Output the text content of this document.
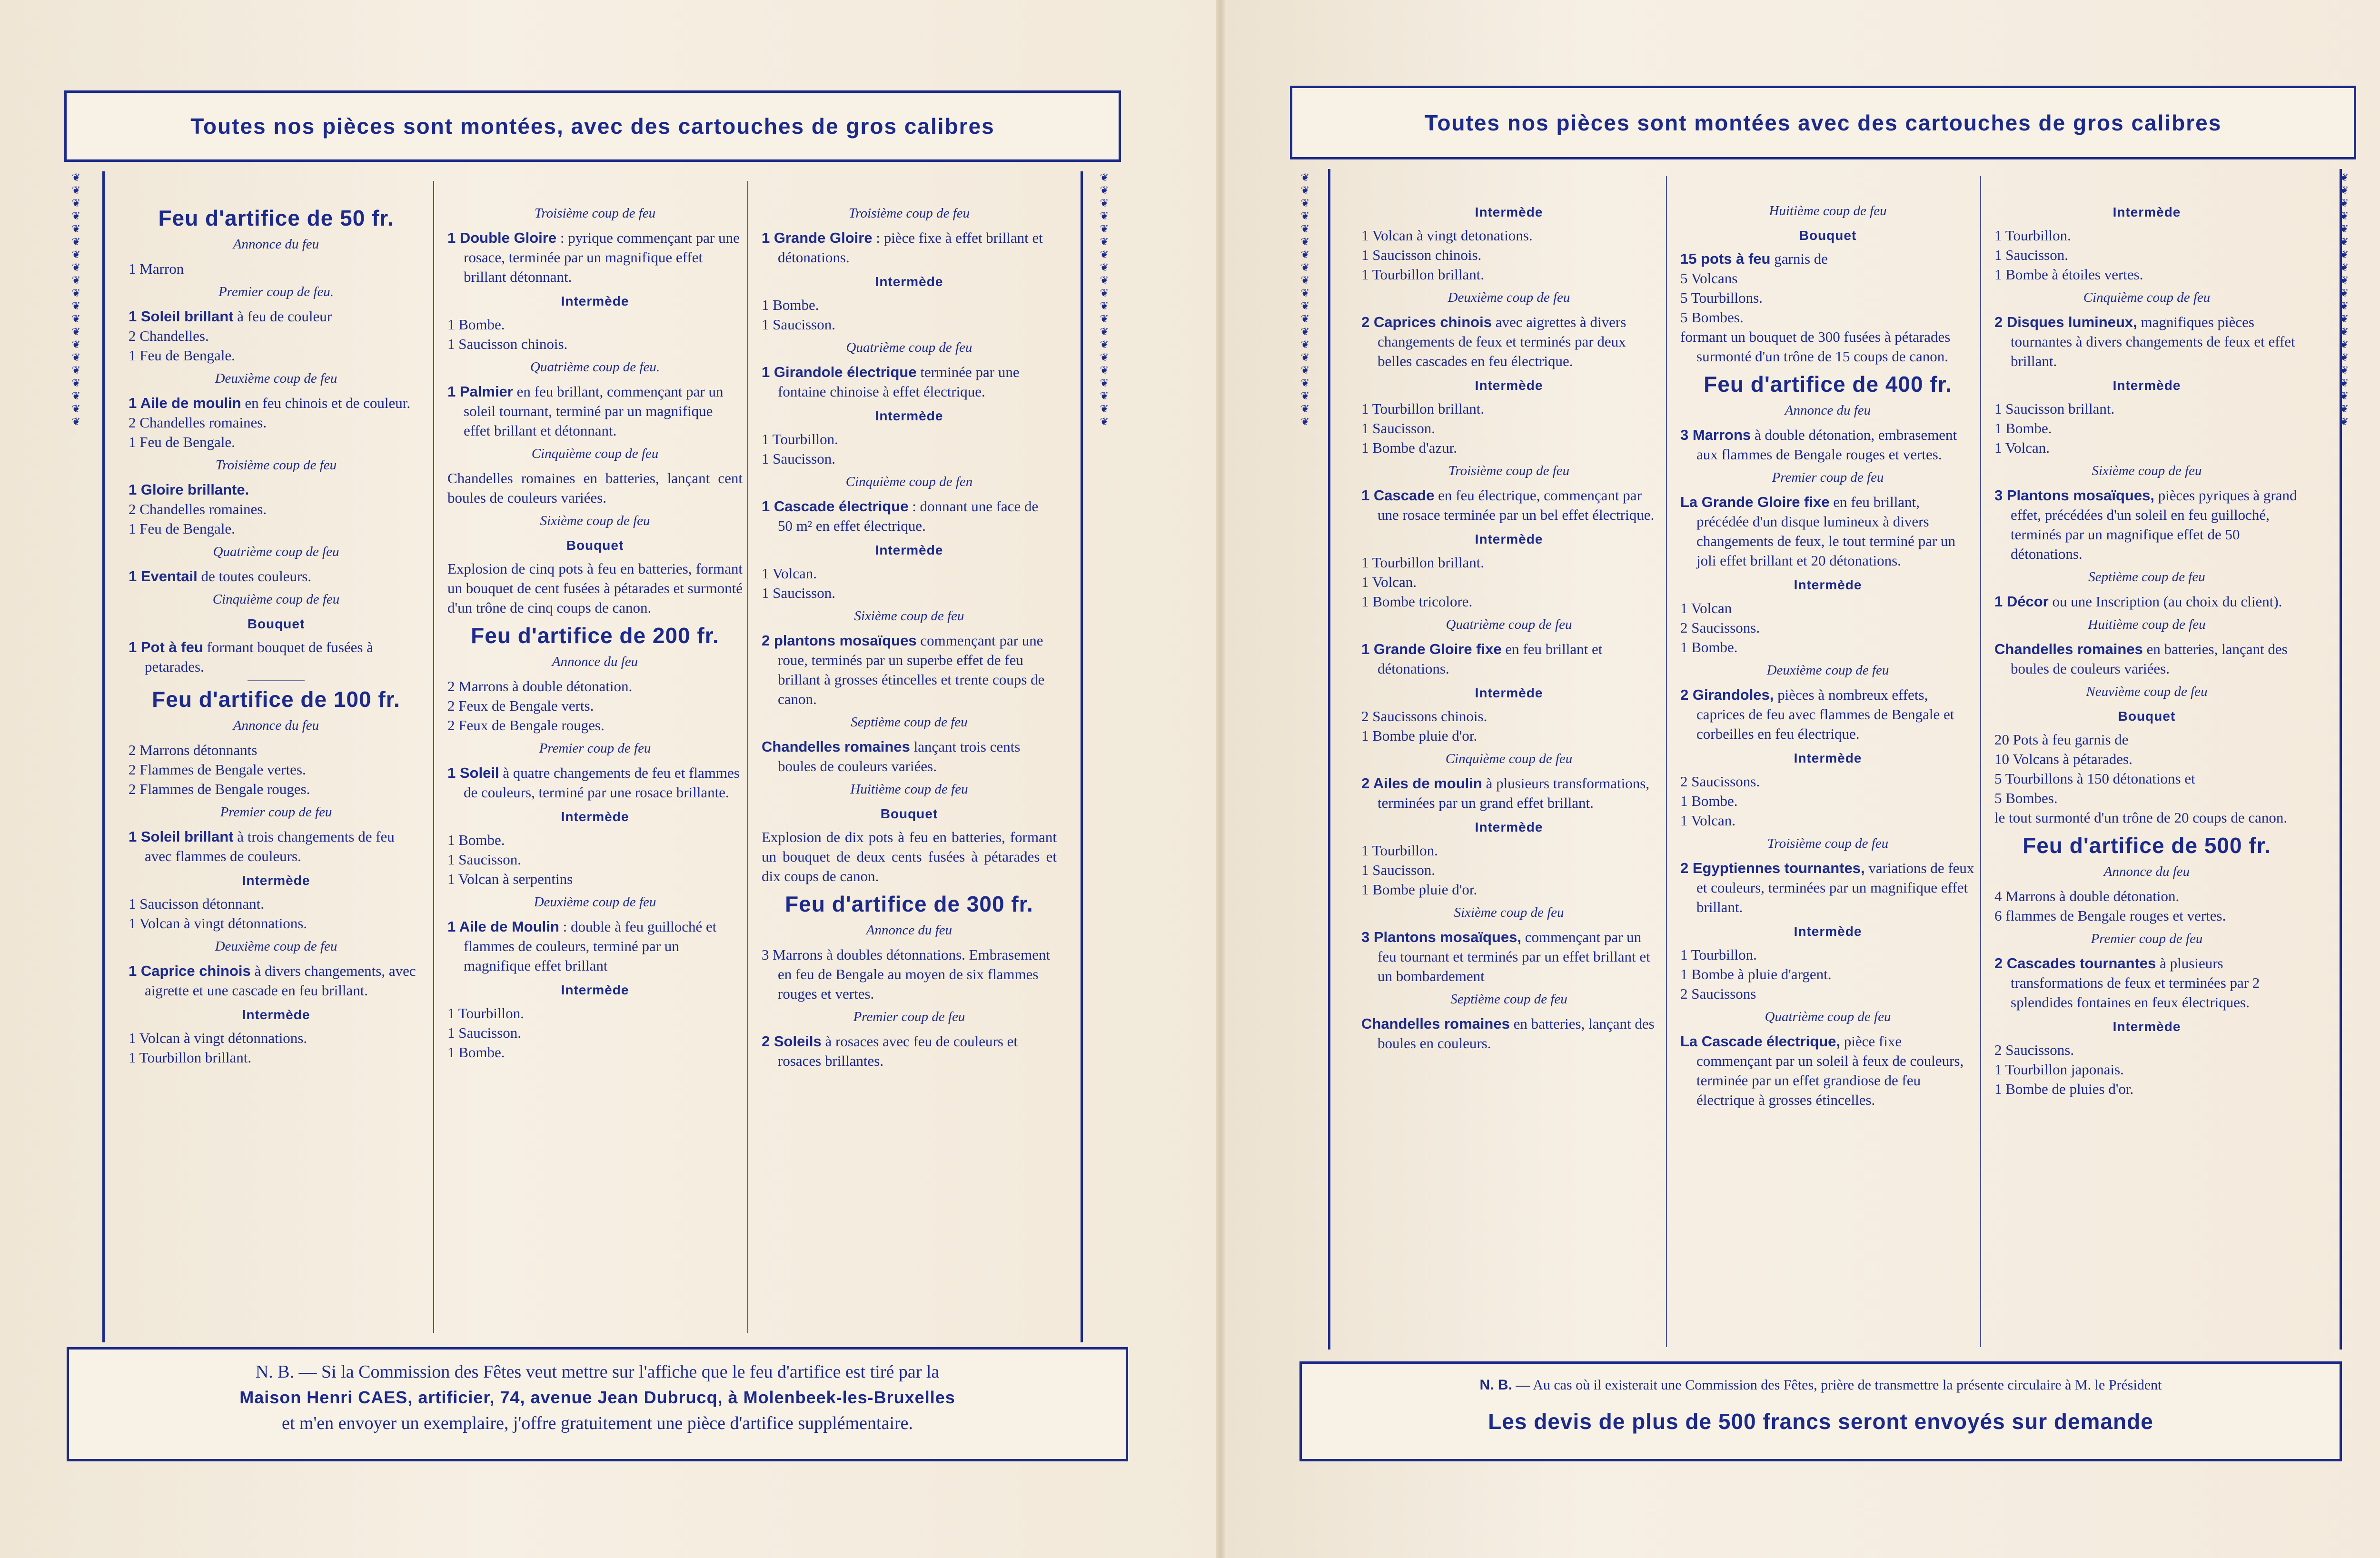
Toutes nos pièces sont montées, avec des cartouches de gros calibres	Toutes nos pièces sont montées avec des cartouches de gros calibres
❦
❦
❦
❦
❦
❦
❦
❦
❦
❦
❦
❦
❦
❦
❦
❦
❦
❦
❦
❦
❦
❦
❦
❦
❦
❦
❦
❦
❦
❦
❦
❦
❦
❦
❦
❦
❦
❦
❦
❦
❦
❦
❦
❦
❦
❦
❦
❦
❦
❦
❦
❦
❦
❦
❦
❦
❦
❦
❦
❦
❦
❦
❦
❦
❦
❦
❦
❦
❦
❦
❦
❦
❦
❦
❦
❦
❦
❦
❦
❦
Feu d'artifice de 50 fr.
Annonce du feu
1 Marron
Premier coup de feu.
1 Soleil brillant à feu de couleur
2 Chandelles.
1 Feu de Bengale.
Deuxième coup de feu
1 Aile de moulin en feu chinois et de couleur.
2 Chandelles romaines.
1 Feu de Bengale.
Troisième coup de feu
1 Gloire brillante.
2 Chandelles romaines.
1 Feu de Bengale.
Quatrième coup de feu
1 Eventail de toutes couleurs.
Cinquième coup de feu
Bouquet
1 Pot à feu formant bouquet de fusées à petarades.
Feu d'artifice de 100 fr.
Annonce du feu
2 Marrons détonnants
2 Flammes de Bengale vertes.
2 Flammes de Bengale rouges.
Premier coup de feu
1 Soleil brillant à trois changements de feu avec flammes de couleurs.
Intermède
1 Saucisson détonnant.
1 Volcan à vingt détonnations.
Deuxième coup de feu
1 Caprice chinois à divers changements, avec aigrette et une cascade en feu brillant.
Intermède
1 Volcan à vingt détonnations.
1 Tourbillon brillant.
Troisième coup de feu
1 Double Gloire : pyrique commençant par une rosace, terminée par un magnifique effet brillant détonnant.
Intermède
1 Bombe.
1 Saucisson chinois.
Quatrième coup de feu.
1 Palmier en feu brillant, commençant par un soleil tournant, terminé par un magnifique effet brillant et détonnant.
Cinquième coup de feu
Chandelles romaines en batteries, lançant cent boules de couleurs variées.
Sixième coup de feu
Bouquet
Explosion de cinq pots à feu en batteries, formant un bouquet de cent fusées à pétarades et surmonté d'un trône de cinq coups de canon.
Feu d'artifice de 200 fr.
Annonce du feu
2 Marrons à double détonation.
2 Feux de Bengale verts.
2 Feux de Bengale rouges.
Premier coup de feu
1 Soleil à quatre changements de feu et flammes de couleurs, terminé par une rosace brillante.
Intermède
1 Bombe.
1 Saucisson.
1 Volcan à serpentins
Deuxième coup de feu
1 Aile de Moulin : double à feu guilloché et flammes de couleurs, terminé par un magnifique effet brillant
Intermède
1 Tourbillon.
1 Saucisson.
1 Bombe.
Troisième coup de feu
1 Grande Gloire : pièce fixe à effet brillant et détonations.
Intermède
1 Bombe.
1 Saucisson.
Quatrième coup de feu
1 Girandole électrique terminée par une fontaine chinoise à effet électrique.
Intermède
1 Tourbillon.
1 Saucisson.
Cinquième coup de fen
1 Cascade électrique : donnant une face de 50 m² en effet électrique.
Intermède
1 Volcan.
1 Saucisson.
Sixième coup de feu
2 plantons mosaïques commençant par une roue, terminés par un superbe effet de feu brillant à grosses étincelles et trente coups de canon.
Septième coup de feu
Chandelles romaines lançant trois cents boules de couleurs variées.
Huitième coup de feu
Bouquet
Explosion de dix pots à feu en batteries, formant un bouquet de deux cents fusées à pétarades et dix coups de canon.
Feu d'artifice de 300 fr.
Annonce du feu
3 Marrons à doubles détonnations. Embrasement en feu de Bengale au moyen de six flammes rouges et vertes.
Premier coup de feu
2 Soleils à rosaces avec feu de couleurs et rosaces brillantes.
Intermède
1 Volcan à vingt detonations.
1 Saucisson chinois.
1 Tourbillon brillant.
Deuxième coup de feu
2 Caprices chinois avec aigrettes à divers changements de feux et terminés par deux belles cascades en feu électrique.
Intermède
1 Tourbillon brillant.
1 Saucisson.
1 Bombe d'azur.
Troisième coup de feu
1 Cascade en feu électrique, commençant par une rosace terminée par un bel effet électrique.
Intermède
1 Tourbillon brillant.
1 Volcan.
1 Bombe tricolore.
Quatrième coup de feu
1 Grande Gloire fixe en feu brillant et détonations.
Intermède
2 Saucissons chinois.
1 Bombe pluie d'or.
Cinquième coup de feu
2 Ailes de moulin à plusieurs transformations, terminées par un grand effet brillant.
Intermède
1 Tourbillon.
1 Saucisson.
1 Bombe pluie d'or.
Sixième coup de feu
3 Plantons mosaïques, commençant par un feu tournant et terminés par un effet brillant et un bombardement
Septième coup de feu
Chandelles romaines en batteries, lançant des boules en couleurs.
Huitième coup de feu
Bouquet
15 pots à feu garnis de
5 Volcans
5 Tourbillons.
5 Bombes.
formant un bouquet de 300 fusées à pétarades surmonté d'un trône de 15 coups de canon.
Feu d'artifice de 400 fr.
Annonce du feu
3 Marrons à double détonation, embrasement aux flammes de Bengale rouges et vertes.
Premier coup de feu
La Grande Gloire fixe en feu brillant, précédée d'un disque lumineux à divers changements de feux, le tout terminé par un joli effet brillant et 20 détonations.
Intermède
1 Volcan
2 Saucissons.
1 Bombe.
Deuxième coup de feu
2 Girandoles, pièces à nombreux effets, caprices de feu avec flammes de Bengale et corbeilles en feu électrique.
Intermède
2 Saucissons.
1 Bombe.
1 Volcan.
Troisième coup de feu
2 Egyptiennes tournantes, variations de feux et couleurs, terminées par un magnifique effet brillant.
Intermède
1 Tourbillon.
1 Bombe à pluie d'argent.
2 Saucissons
Quatrième coup de feu
La Cascade électrique, pièce fixe commençant par un soleil à feux de couleurs, terminée par un effet grandiose de feu électrique à grosses étincelles.
Intermède
1 Tourbillon.
1 Saucisson.
1 Bombe à étoiles vertes.
Cinquième coup de feu
2 Disques lumineux, magnifiques pièces tournantes à divers changements de feux et effet brillant.
Intermède
1 Saucisson brillant.
1 Bombe.
1 Volcan.
Sixième coup de feu
3 Plantons mosaïques, pièces pyriques à grand effet, précédées d'un soleil en feu guilloché, terminés par un magnifique effet de 50 détonations.
Septième coup de feu
1 Décor ou une Inscription (au choix du client).
Huitième coup de feu
Chandelles romaines en batteries, lançant des boules de couleurs variées.
Neuvième coup de feu
Bouquet
20 Pots à feu garnis de
10 Volcans à pétarades.
5 Tourbillons à 150 détonations et
5 Bombes.
le tout surmonté d'un trône de 20 coups de canon.
Feu d'artifice de 500 fr.
Annonce du feu
4 Marrons à double détonation.
6 flammes de Bengale rouges et vertes.
Premier coup de feu
2 Cascades tournantes à plusieurs transformations de feux et terminées par 2 splendides fontaines en feux électriques.
Intermède
2 Saucissons.
1 Tourbillon japonais.
1 Bombe de pluies d'or.
N. B. — Si la Commission des Fêtes veut mettre sur l'affiche que le feu d'artifice est tiré par la
Maison Henri CAES, artificier, 74, avenue Jean Dubrucq, à Molenbeek-les-Bruxelles
et m'en envoyer un exemplaire, j'offre gratuitement une pièce d'artifice supplémentaire.
N. B. — Au cas où il existerait une Commission des Fêtes, prière de transmettre la présente circulaire à M. le Président
Les devis de plus de 500 francs seront envoyés sur demande
